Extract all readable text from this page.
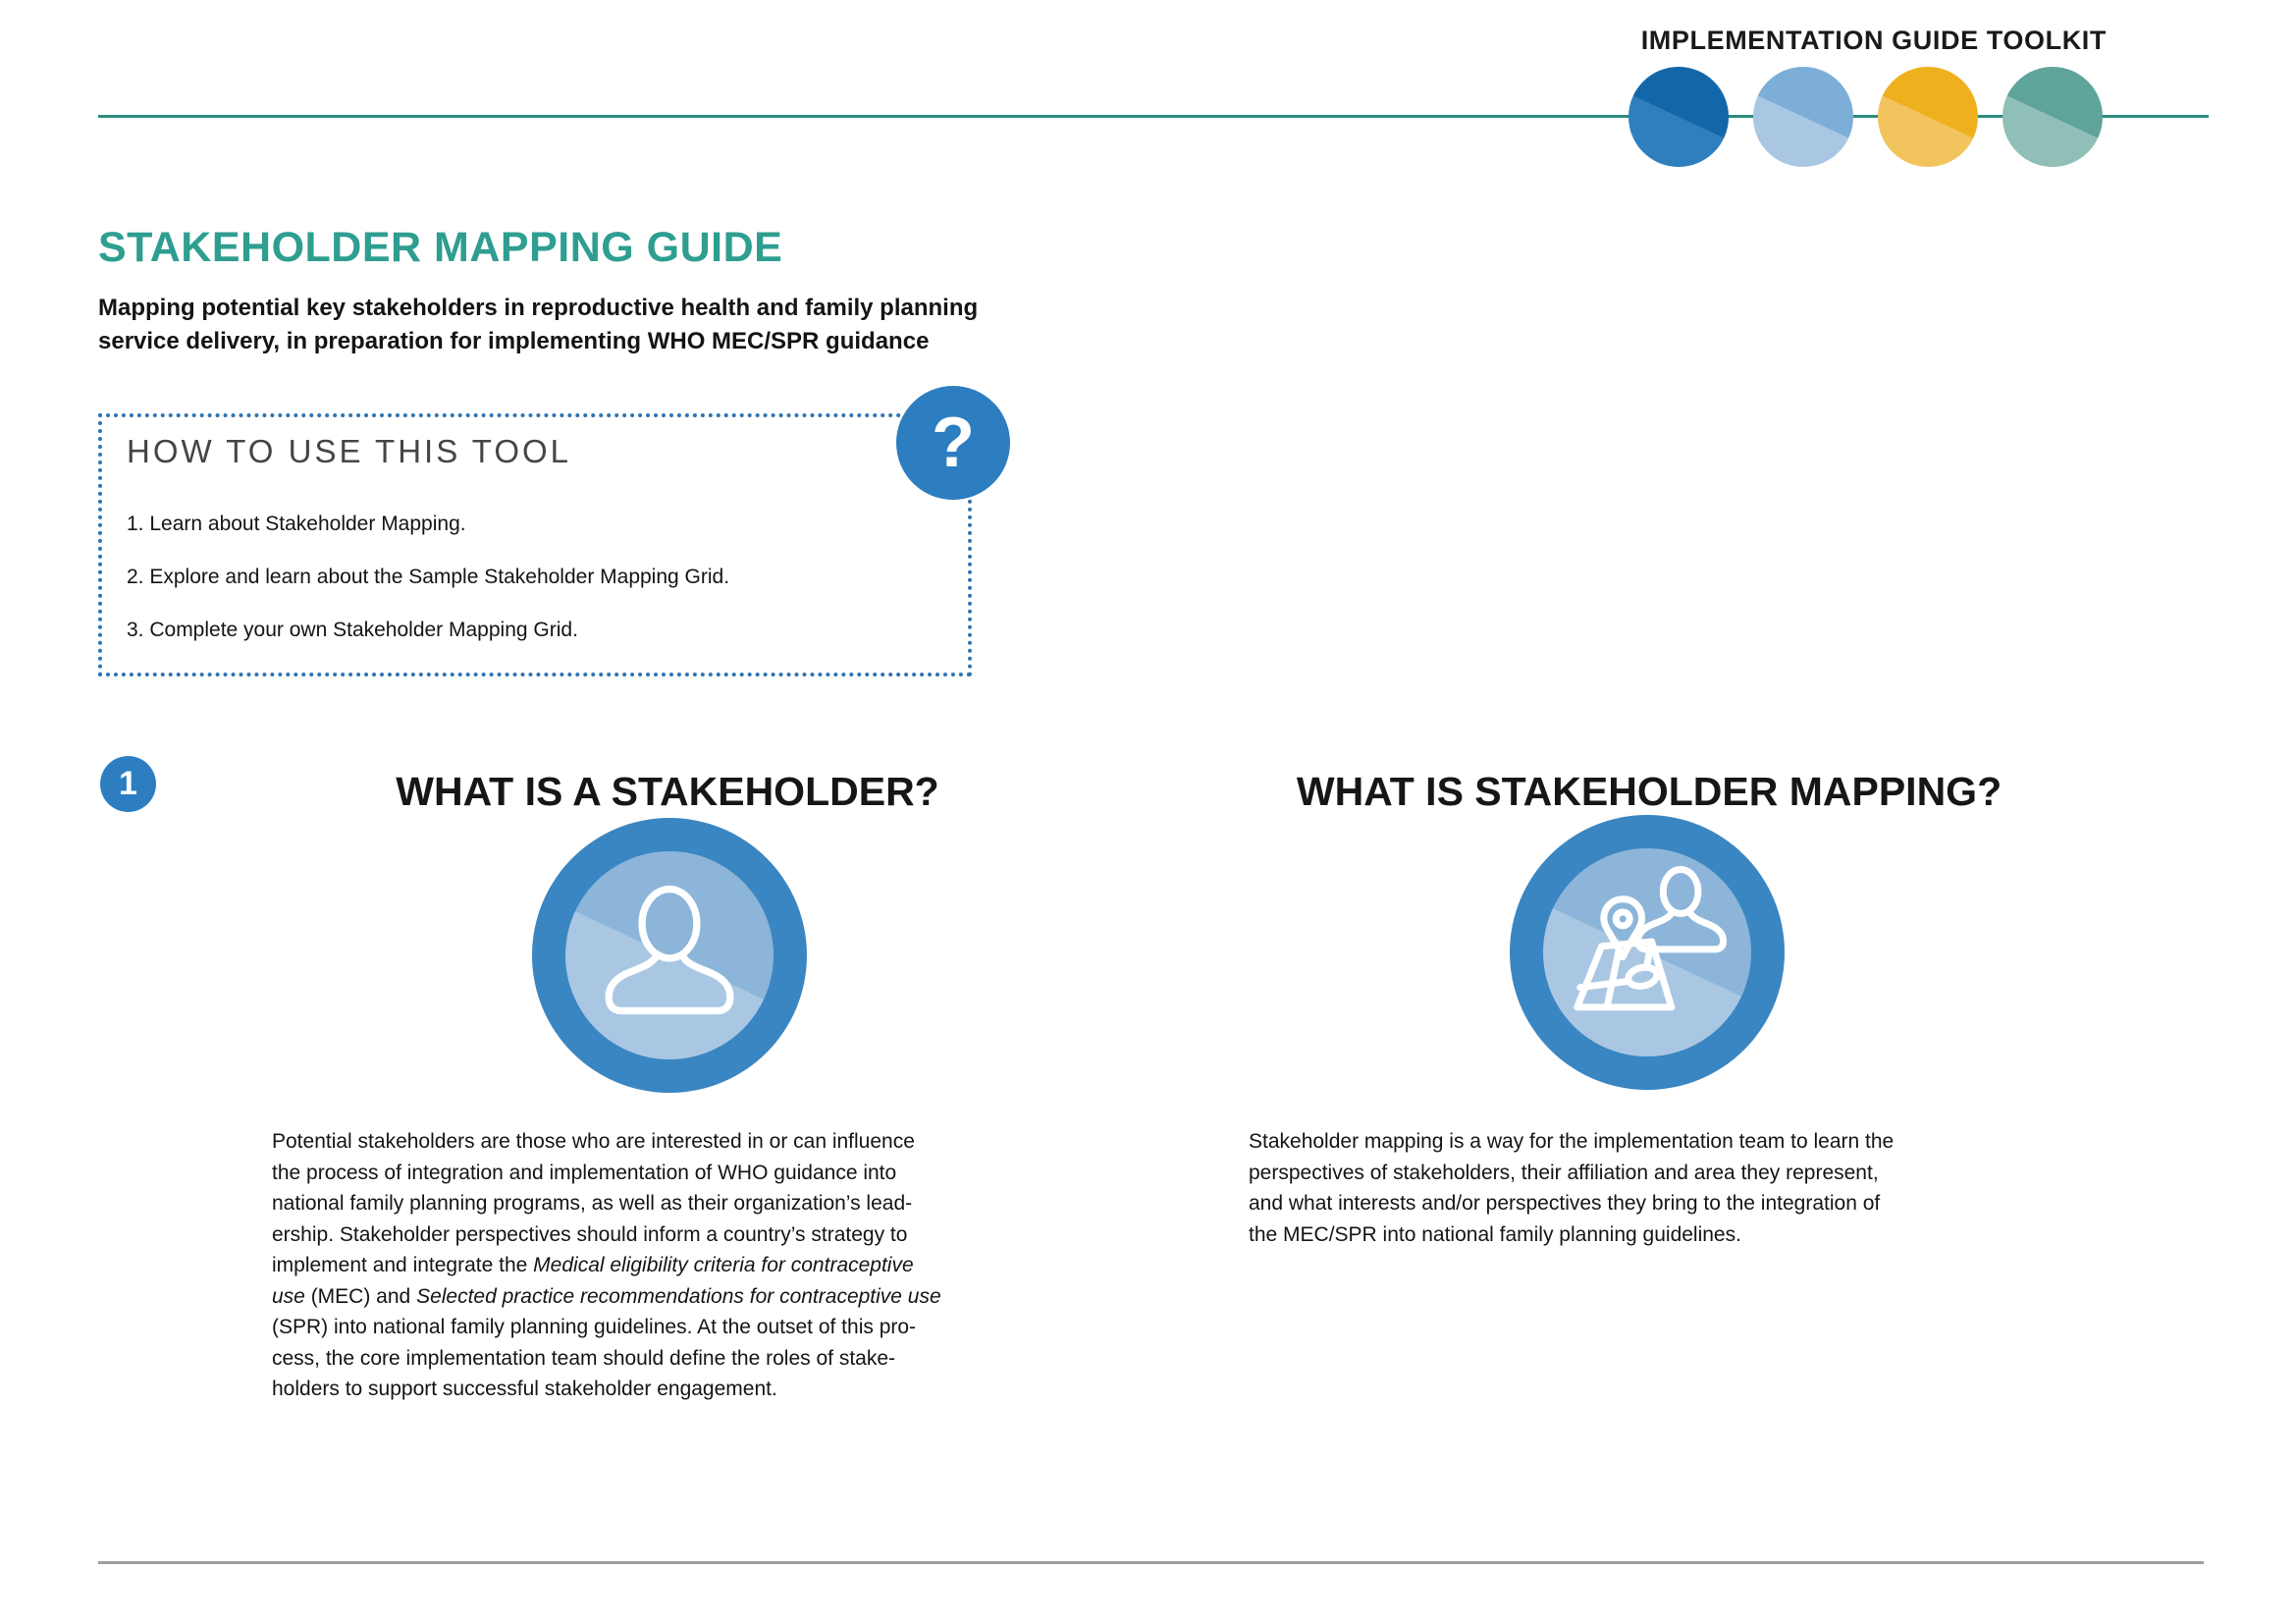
IMPLEMENTATION GUIDE TOOLKIT
STAKEHOLDER MAPPING GUIDE
Mapping potential key stakeholders in reproductive health and family planning
service delivery, in preparation for implementing WHO MEC/SPR guidance
HOW TO USE THIS TOOL
1. Learn about Stakeholder Mapping.
2. Explore and learn about the Sample Stakeholder Mapping Grid.
3. Complete your own Stakeholder Mapping Grid.
?
1	WHAT IS A STAKEHOLDER?	WHAT IS STAKEHOLDER MAPPING?
Potential stakeholders are those who are interested in or can influence
the process of integration and implementation of WHO guidance into
national family planning programs, as well as their organization’s lead-
ership. Stakeholder perspectives should inform a country’s strategy to
implement and integrate the Medical eligibility criteria for contraceptive
use (MEC) and Selected practice recommendations for contraceptive use
(SPR) into national family planning guidelines. At the outset of this pro-
cess, the core implementation team should define the roles of stake-
holders to support successful stakeholder engagement.
Stakeholder mapping is a way for the implementation team to learn the
perspectives of stakeholders, their affiliation and area they represent,
and what interests and/or perspectives they bring to the integration of
the MEC/SPR into national family planning guidelines.
